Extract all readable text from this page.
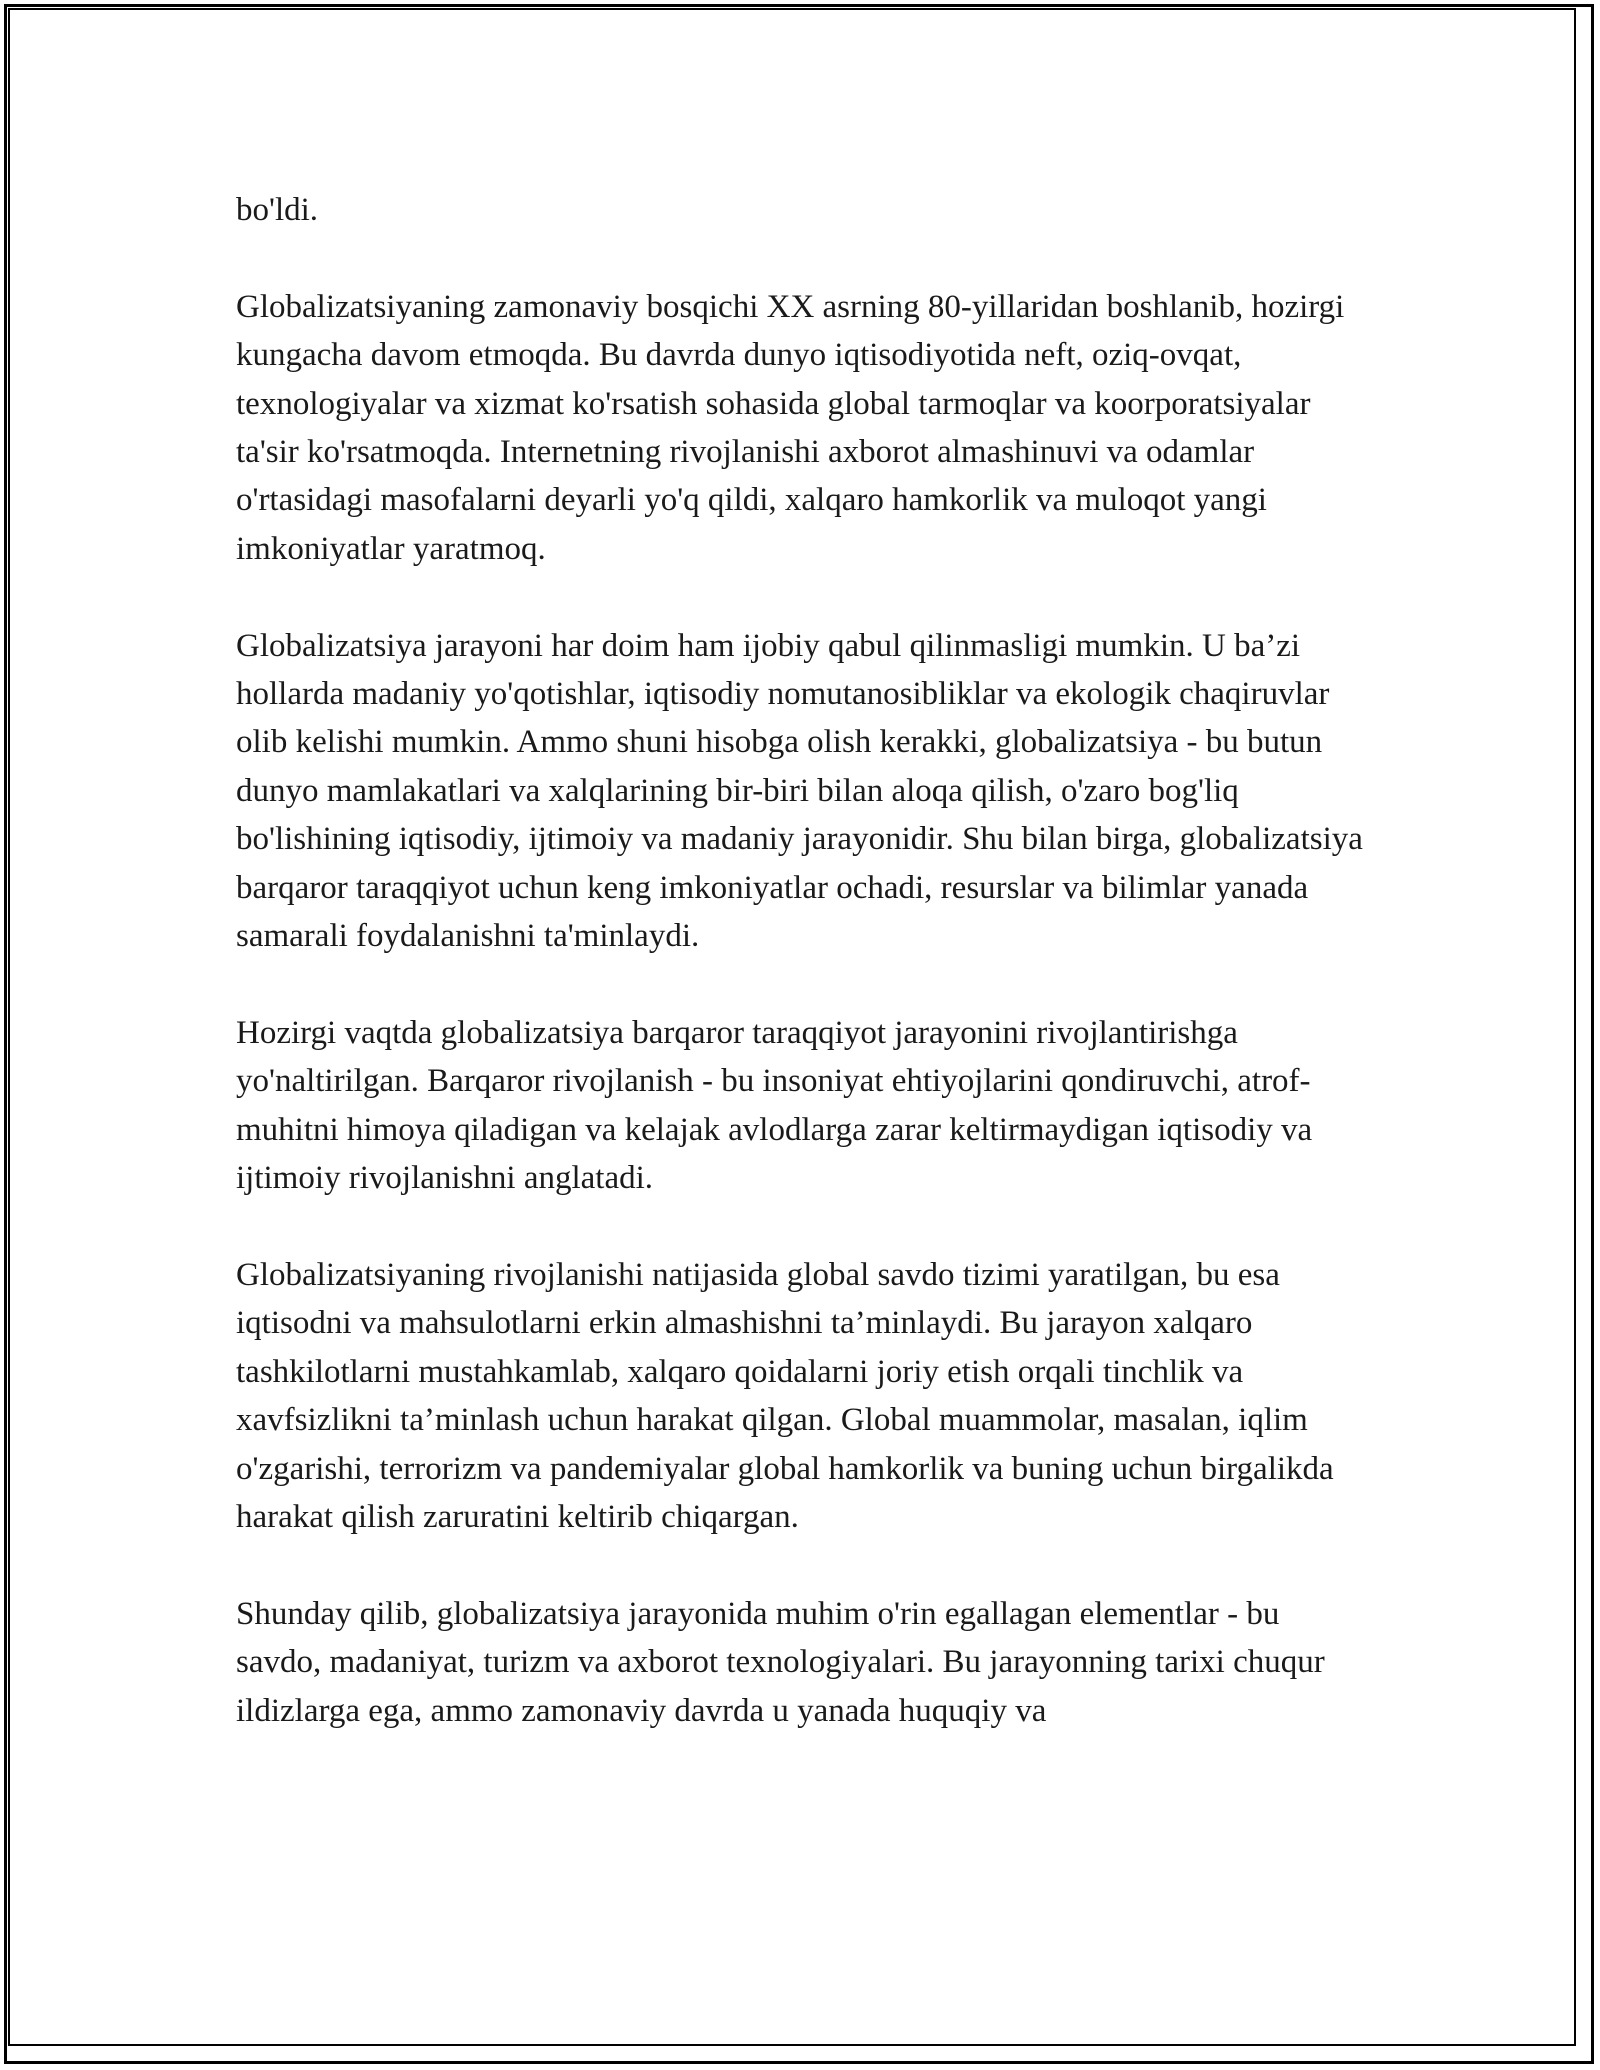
bo'ldi.

Globalizatsiyaning zamonaviy bosqichi XX asrning 80-yillaridan boshlanib, hozirgi kungacha davom etmoqda. Bu davrda dunyo iqtisodiyotida neft, oziq-ovqat, texnologiyalar va xizmat ko'rsatish sohasida global tarmoqlar va koorporatsiyalar ta'sir ko'rsatmoqda. Internetning rivojlanishi axborot almashinuvi va odamlar o'rtasidagi masofalarni deyarli yo'q qildi, xalqaro hamkorlik va muloqot yangi imkoniyatlar yaratmoq.

Globalizatsiya jarayoni har doim ham ijobiy qabul qilinmasligi mumkin. U ba’zi hollarda madaniy yo'qotishlar, iqtisodiy nomutanosibliklar va ekologik chaqiruvlar olib kelishi mumkin. Ammo shuni hisobga olish kerakki, globalizatsiya - bu butun dunyo mamlakatlari va xalqlarining bir-biri bilan aloqa qilish, o'zaro bog'liq bo'lishining iqtisodiy, ijtimoiy va madaniy jarayonidir. Shu bilan birga, globalizatsiya barqaror taraqqiyot uchun keng imkoniyatlar ochadi, resurslar va bilimlar yanada samarali foydalanishni ta'minlaydi.

Hozirgi vaqtda globalizatsiya barqaror taraqqiyot jarayonini rivojlantirishga yo'naltirilgan. Barqaror rivojlanish - bu insoniyat ehtiyojlarini qondiruvchi, atrof-muhitni himoya qiladigan va kelajak avlodlarga zarar keltirmaydigan iqtisodiy va ijtimoiy rivojlanishni anglatadi.

Globalizatsiyaning rivojlanishi natijasida global savdo tizimi yaratilgan, bu esa iqtisodni va mahsulotlarni erkin almashishni ta’minlaydi. Bu jarayon xalqaro tashkilotlarni mustahkamlab, xalqaro qoidalarni joriy etish orqali tinchlik va xavfsizlikni ta’minlash uchun harakat qilgan. Global muammolar, masalan, iqlim o'zgarishi, terrorizm va pandemiyalar global hamkorlik va buning uchun birgalikda harakat qilish zaruratini keltirib chiqargan.

Shunday qilib, globalizatsiya jarayonida muhim o'rin egallagan elementlar - bu savdo, madaniyat, turizm va axborot texnologiyalari. Bu jarayonning tarixi chuqur ildizlarga ega, ammo zamonaviy davrda u yanada huquqiy va
